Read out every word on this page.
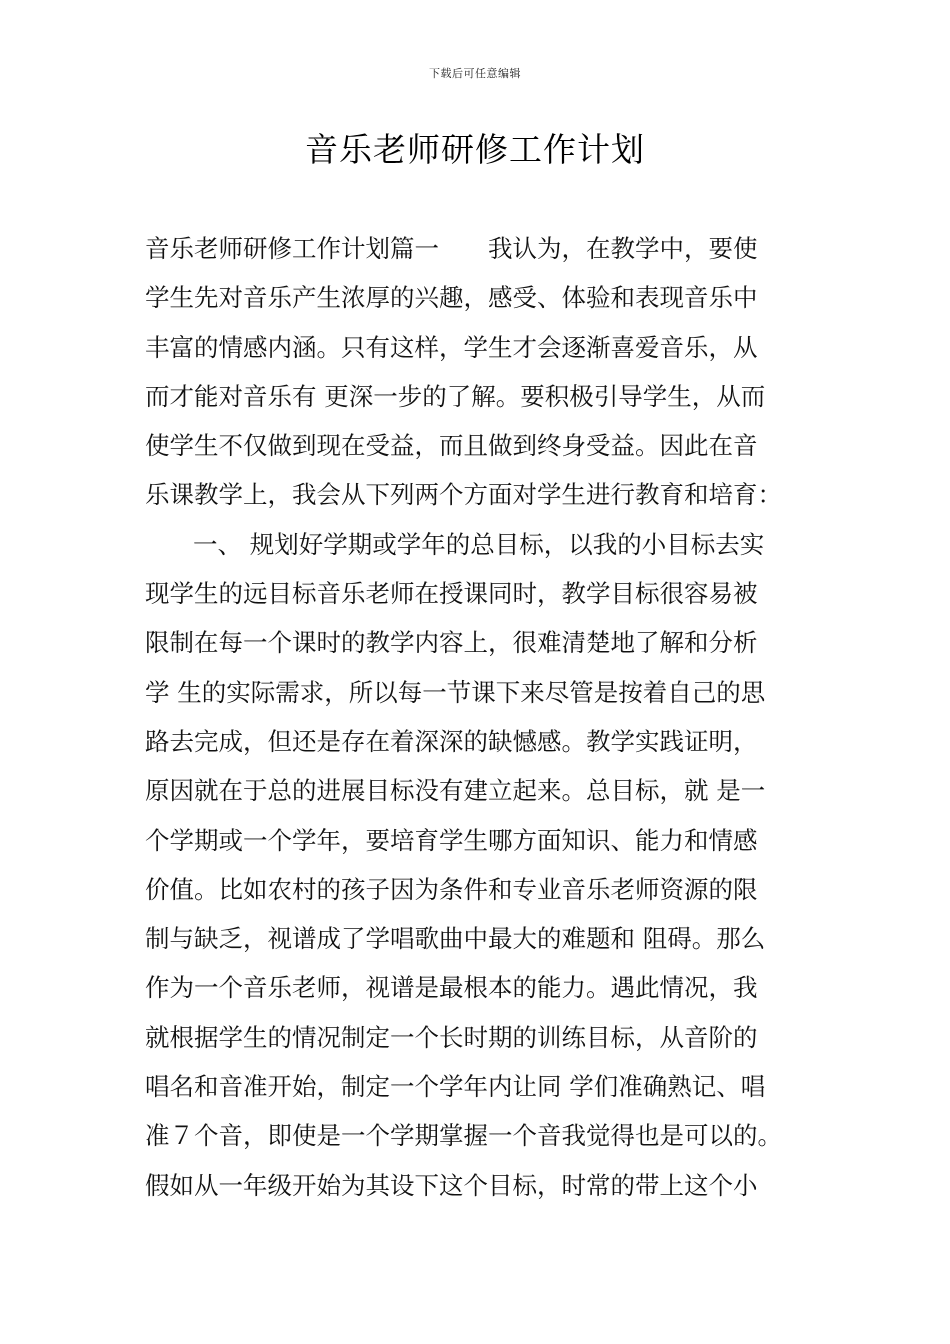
下载后可任意编辑
音乐老师研修工作计划
音乐老师研修工作计划篇一　　我认为，在教学中，要使
学生先对音乐产生浓厚的兴趣，感受、体验和表现音乐中
丰富的情感内涵。只有这样，学生才会逐渐喜爱音乐，从
而才能对音乐有 更深一步的了解。要积极引导学生，从而
使学生不仅做到现在受益，而且做到终身受益。因此在音
乐课教学上，我会从下列两个方面对学生进行教育和培育：
一、 规划好学期或学年的总目标，以我的小目标去实
现学生的远目标音乐老师在授课同时，教学目标很容易被
限制在每一个课时的教学内容上，很难清楚地了解和分析
学 生的实际需求，所以每一节课下来尽管是按着自己的思
路去完成，但还是存在着深深的缺憾感。教学实践证明，
原因就在于总的进展目标没有建立起来。总目标，就 是一
个学期或一个学年，要培育学生哪方面知识、能力和情感
价值。比如农村的孩子因为条件和专业音乐老师资源的限
制与缺乏，视谱成了学唱歌曲中最大的难题和 阻碍。那么
作为一个音乐老师，视谱是最根本的能力。遇此情况，我
就根据学生的情况制定一个长时期的训练目标，从音阶的
唱名和音准开始，制定一个学年内让同 学们准确熟记、唱
准７个音，即使是一个学期掌握一个音我觉得也是可以的。
假如从一年级开始为其设下这个目标，时常的带上这个小
